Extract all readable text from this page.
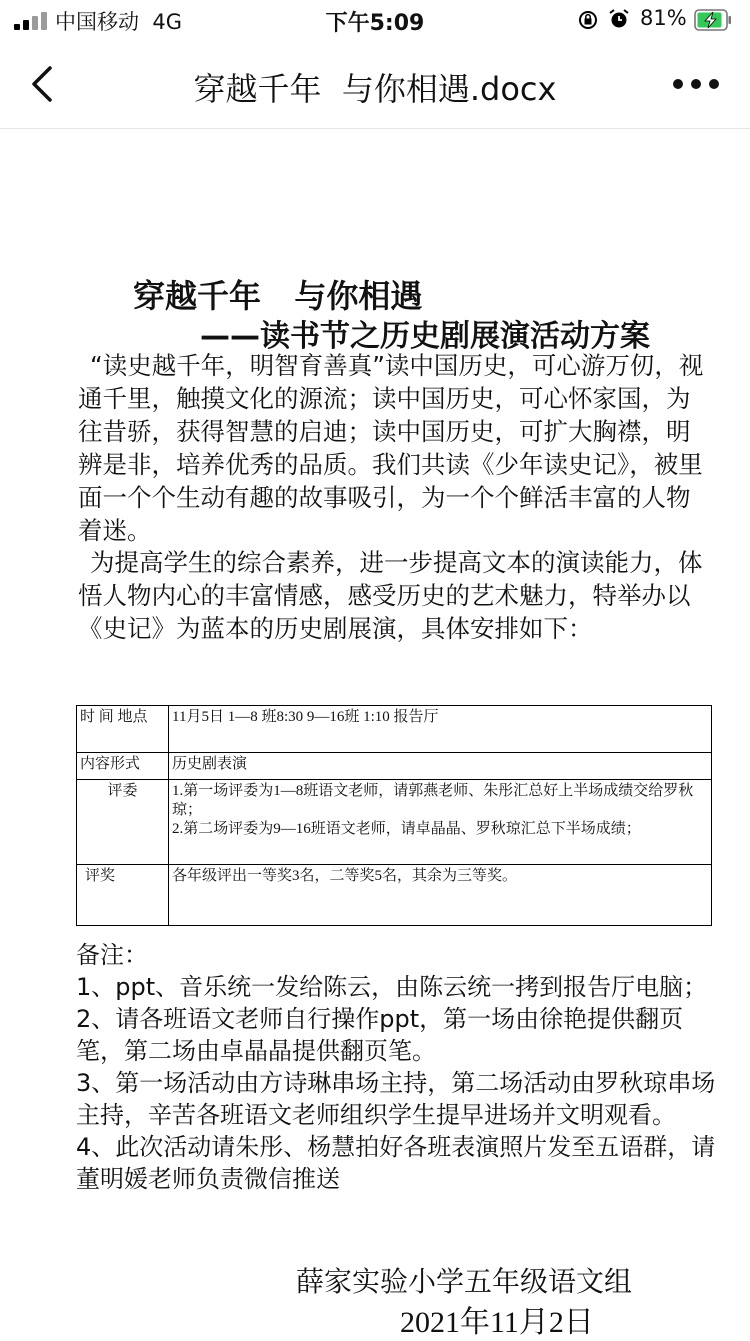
中国移动 4G	下午5:09	81%
穿越千年  与你相遇.docx
穿越千年   与你相遇
——读书节之历史剧展演活动方案
“读史越千年，明智育善真”读中国历史，可心游万仞，视通千里，触摸文化的源流；读中国历史，可心怀家国，为往昔骄，获得智慧的启迪；读中国历史，可扩大胸襟，明辨是非，培养优秀的品质。我们共读《少年读史记》，被里面一个个生动有趣的故事吸引，为一个个鲜活丰富的人物着迷。
为提高学生的综合素养，进一步提高文本的演读能力，体悟人物内心的丰富情感，感受历史的艺术魅力，特举办以《史记》为蓝本的历史剧展演，具体安排如下：
时 间 地点	11月5日 1—8 班8:30 9—16班 1:10 报告厅
内容形式	历史剧表演
评委	1.第一场评委为1—8班语文老师，请郭燕老师、朱彤汇总好上半场成绩交给罗秋琼；
2.第二场评委为9—16班语文老师，请卓晶晶、罗秋琼汇总下半场成绩；

评奖	各年级评出一等奖3名，二等奖5名，其余为三等奖。

备注：

1、ppt、音乐统一发给陈云，由陈云统一拷到报告厅电脑；

2、请各班语文老师自行操作ppt，第一场由徐艳提供翻页笔，第二场由卓晶晶提供翻页笔。

3、第一场活动由方诗琳串场主持，第二场活动由罗秋琼串场主持，辛苦各班语文老师组织学生提早进场并文明观看。

4、此次活动请朱彤、杨慧拍好各班表演照片发至五语群，请董明媛老师负责微信推送

薛家实验小学五年级语文组
2021年11月2日
